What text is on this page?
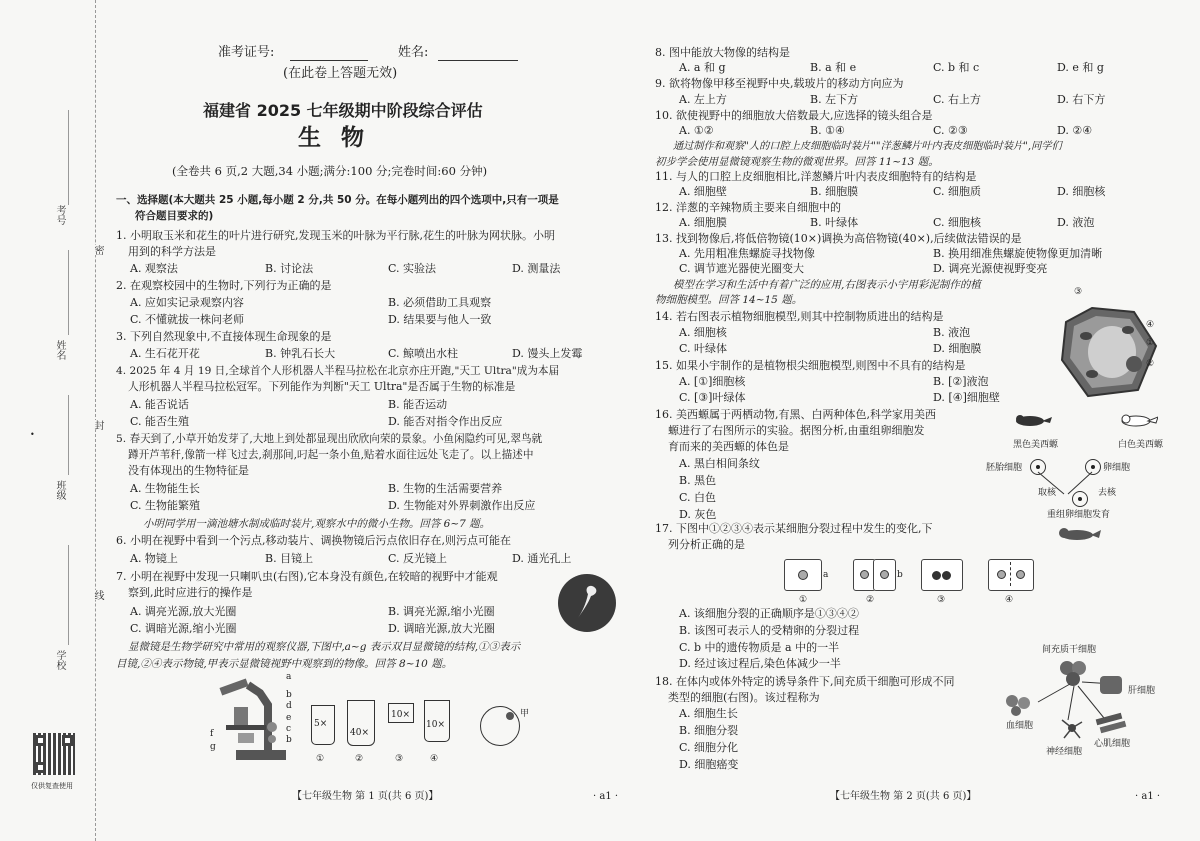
考号
姓名
班级
学校
密
封
线
•
仅供复查使用
准考证号:	姓名:
(在此卷上答题无效)
福建省 2025 七年级期中阶段综合评估
生 物
(全卷共 6 页,2 大题,34 小题;满分:100 分;完卷时间:60 分钟)
一、选择题(本大题共 25 小题,每小题 2 分,共 50 分。在每小题列出的四个选项中,只有一项是
符合题目要求的)
1. 小明取玉米和花生的叶片进行研究,发现玉米的叶脉为平行脉,花生的叶脉为网状脉。小明
用到的科学方法是
A. 观察法	B. 讨论法	C. 实验法	D. 测量法
2. 在观察校园中的生物时,下列行为正确的是
A. 应如实记录观察内容	B. 必须借助工具观察
C. 不懂就拔一株问老师	D. 结果要与他人一致
3. 下列自然现象中,不直接体现生命现象的是
A. 生石花开花	B. 钟乳石长大	C. 鲸喷出水柱	D. 馒头上发霉
4. 2025 年 4 月 19 日,全球首个人形机器人半程马拉松在北京亦庄开跑,"天工 Ultra"成为本届
人形机器人半程马拉松冠军。下列能作为判断"天工 Ultra"是否属于生物的标准是
A. 能否说话	B. 能否运动
C. 能否生殖	D. 能否对指令作出反应
5. 春天到了,小草开始发芽了,大地上到处都显现出欣欣向荣的景象。小鱼闲隐约可见,翠鸟就
蹲开芦苇秆,像箭一样飞过去,刹那间,叼起一条小鱼,贴着水面往远处飞走了。以上描述中
没有体现出的生物特征是
A. 生物能生长	B. 生物的生活需要营养
C. 生物能繁殖	D. 生物能对外界刺激作出反应
小明同学用一滴池塘水制成临时装片,观察水中的微小生物。回答 6~7 题。
6. 小明在视野中看到一个污点,移动装片、调换物镜后污点依旧存在,则污点可能在
A. 物镜上	B. 目镜上	C. 反光镜上	D. 通光孔上
7. 小明在视野中发现一只喇叭虫(右图),它本身没有颜色,在较暗的视野中才能观
察到,此时应进行的操作是
A. 调亮光源,放大光圈	B. 调亮光源,缩小光圈
C. 调暗光源,缩小光圈	D. 调暗光源,放大光圈
显微镜是生物学研究中常用的观察仪器,下图中,a~g 表示双目显微镜的结构,①③表示
目镜,②④表示物镜,甲表示显微镜视野中观察到的物像。回答 8~10 题。
a
b
b
c
d
e
f
g
5×
①
40×
②
10×
③
10×
④
甲
【七年级生物 第 1 页(共 6 页)】	· a1 ·
8. 图中能放大物像的结构是
A. a 和 g	B. a 和 e	C. b 和 c	D. e 和 g
9. 欲将物像甲移至视野中央,载玻片的移动方向应为
A. 左上方	B. 左下方	C. 右上方	D. 右下方
10. 欲使视野中的细胞放大倍数最大,应选择的镜头组合是
A. ①②	B. ①④	C. ②③	D. ②④
通过制作和观察"人的口腔上皮细胞临时装片""洋葱鳞片叶内表皮细胞临时装片",同学们
初步学会使用显微镜观察生物的微观世界。回答 11~13 题。
11. 与人的口腔上皮细胞相比,洋葱鳞片叶内表皮细胞特有的结构是
A. 细胞壁	B. 细胞膜	C. 细胞质	D. 细胞核
12. 洋葱的辛辣物质主要来自细胞中的
A. 细胞膜	B. 叶绿体	C. 细胞核	D. 液泡
13. 找到物像后,将低倍物镜(10×)调换为高倍物镜(40×),后续做法错误的是
A. 先用粗准焦螺旋寻找物像	B. 换用细准焦螺旋使物像更加清晰
C. 调节遮光器使光圈变大	D. 调亮光源使视野变亮
模型在学习和生活中有着广泛的应用,右图表示小宇用彩泥制作的植
物细胞模型。回答 14~15 题。
14. 若右图表示植物细胞模型,则其中控制物质进出的结构是
A. 细胞核	B. 液泡
C. 叶绿体	D. 细胞膜
15. 如果小宇制作的是植物根尖细胞模型,则图中不具有的结构是
A. [①]细胞核	B. [②]液泡
C. [③]叶绿体	D. [④]细胞壁
③
④
①
②
16. 美西螈属于两栖动物,有黑、白两种体色,科学家用美西
螈进行了右图所示的实验。据图分析,由重组卵细胞发
育而来的美西螈的体色是
A. 黑白相间条纹
B. 黑色
C. 白色
D. 灰色
黑色美西螈	白色美西螈
胚胎细胞	卵细胞
取核	去核
重组卵细胞发育
17. 下图中①②③④表示某细胞分裂过程中发生的变化,下
列分析正确的是
a
①
b
②	③	④
A. 该细胞分裂的正确顺序是①③④②
B. 该图可表示人的受精卵的分裂过程
C. b 中的遗传物质是 a 中的一半
D. 经过该过程后,染色体减少一半
18. 在体内或体外特定的诱导条件下,间充质干细胞可形成不同
类型的细胞(右图)。该过程称为
A. 细胞生长
B. 细胞分裂
C. 细胞分化
D. 细胞癌变
间充质干细胞
肝细胞
血细胞
神经细胞
心肌细胞
【七年级生物 第 2 页(共 6 页)】	· a1 ·
